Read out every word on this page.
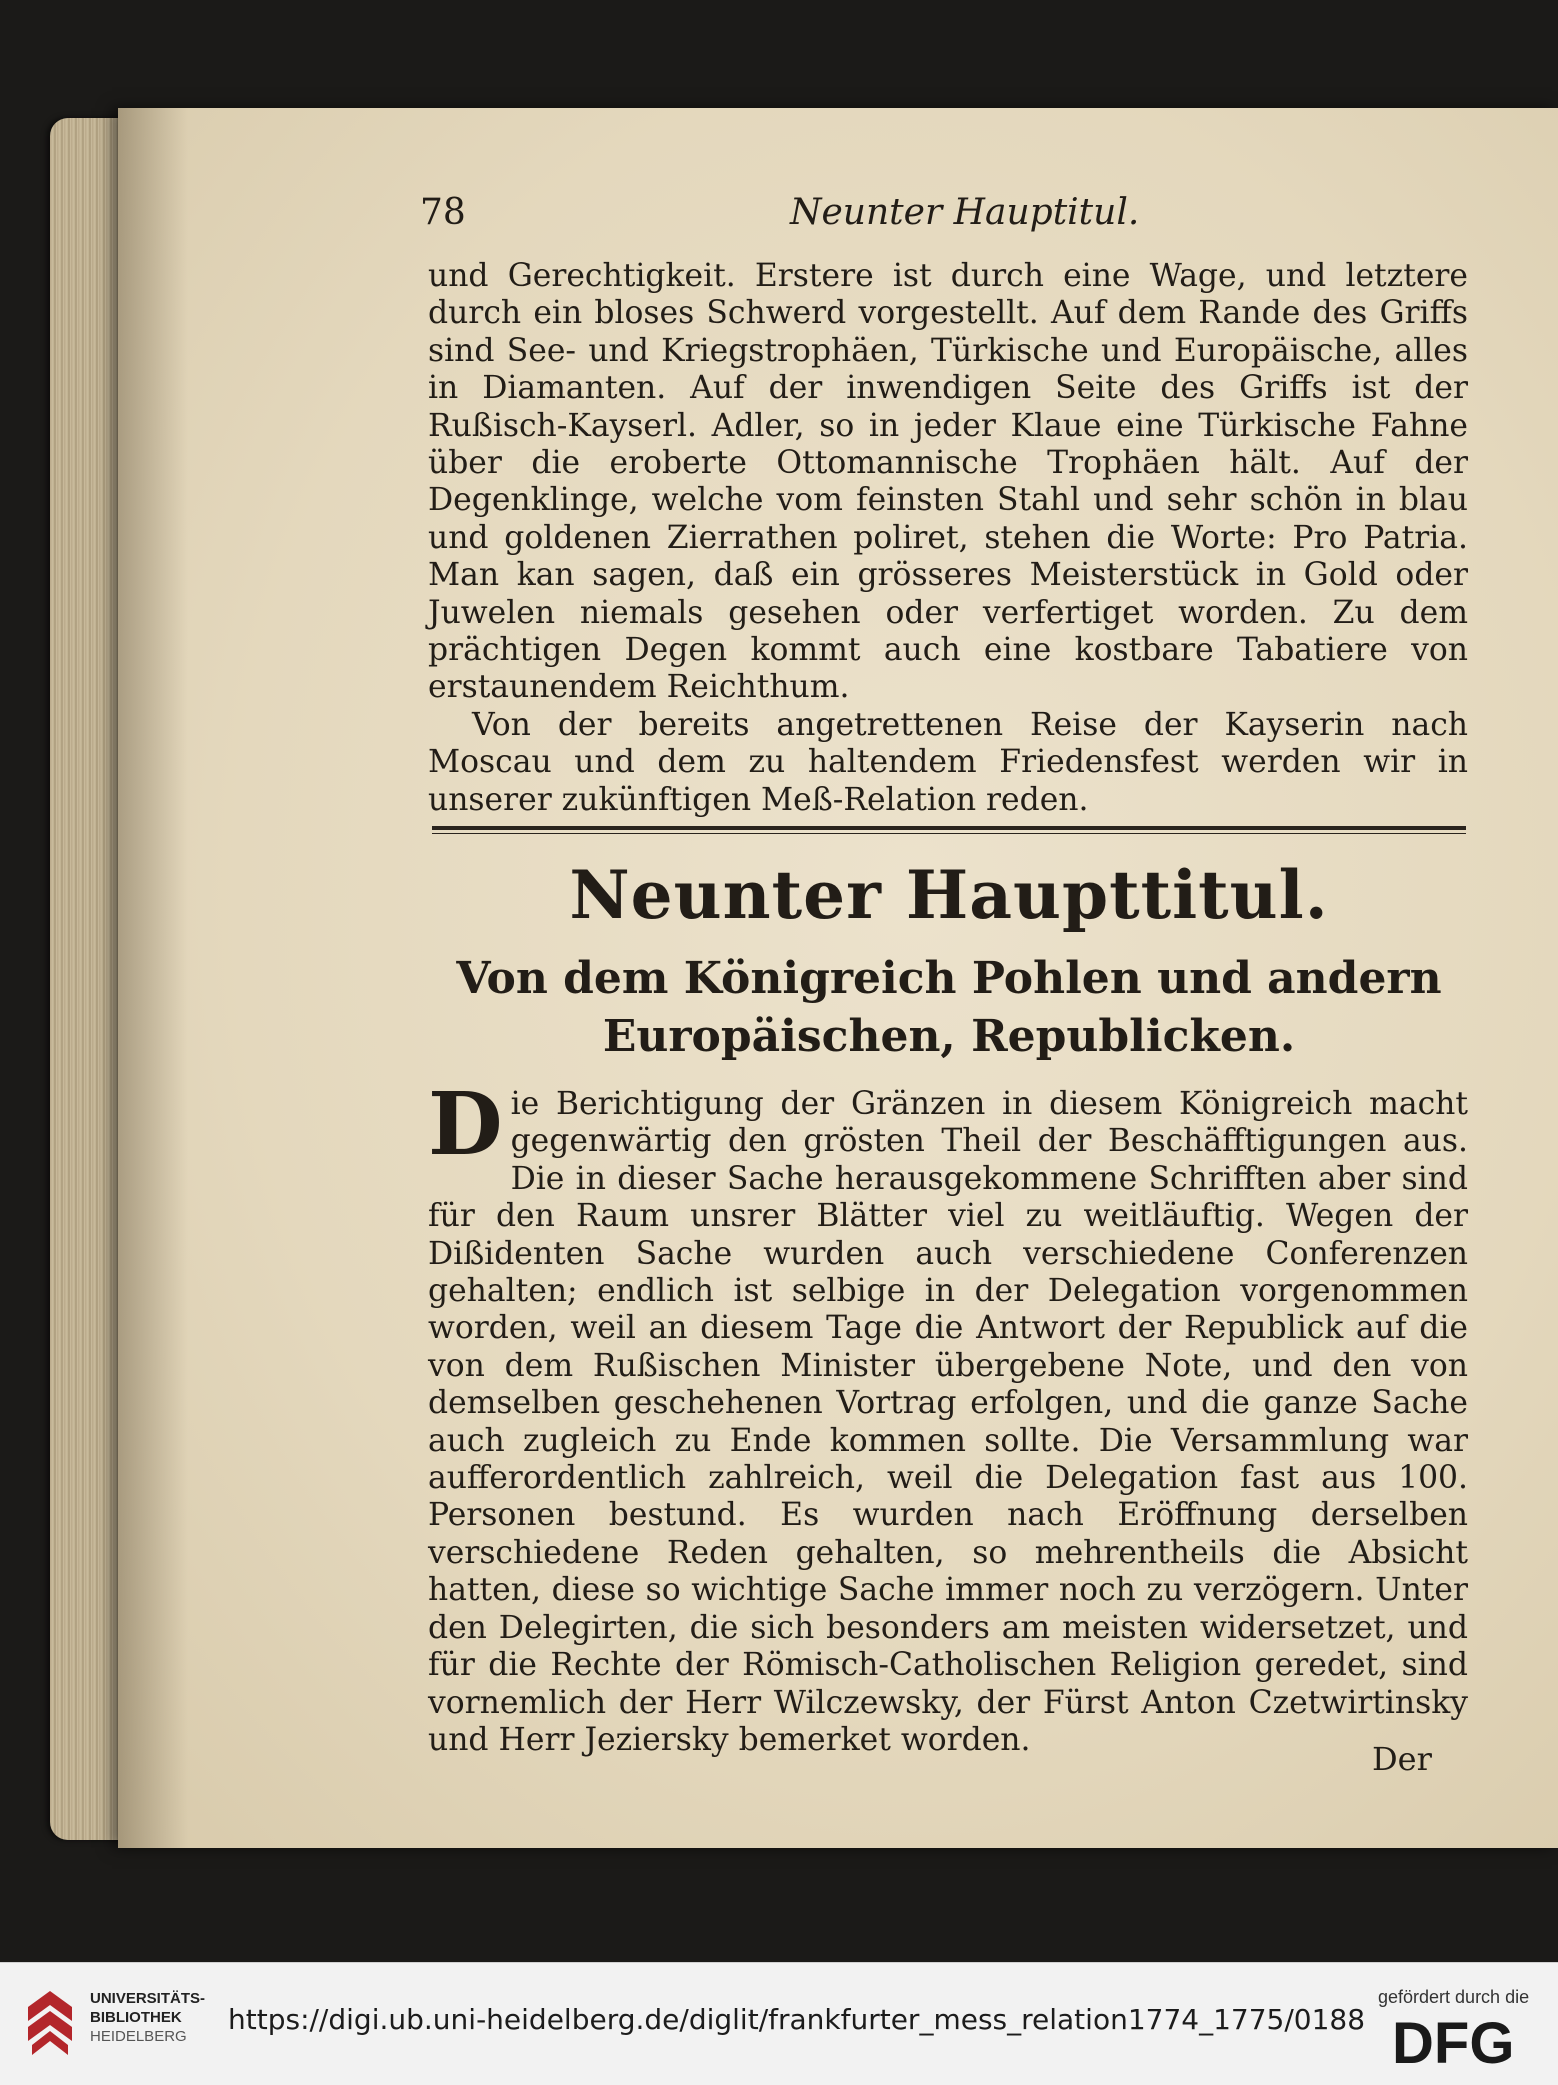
78	Neunter Hauptitul.

und Gerechtigkeit. Erstere ist durch eine Wage, und letztere durch ein bloses Schwerd vorgestellt. Auf dem Rande des Griffs sind See- und Kriegstrophäen, Türkische und Europäische, alles in Diamanten. Auf der inwendigen Seite des Griffs ist der Rußisch-Kayserl. Adler, so in jeder Klaue eine Türkische Fahne über die eroberte Ottomannische Trophäen hält. Auf der Degenklinge, welche vom feinsten Stahl und sehr schön in blau und goldenen Zierrathen poliret, stehen die Worte: Pro Patria. Man kan sagen, daß ein grösseres Meisterstück in Gold oder Juwelen niemals gesehen oder verfertiget worden. Zu dem prächtigen Degen kommt auch eine kostbare Tabatiere von erstaunendem Reichthum.

Von der bereits angetrettenen Reise der Kayserin nach Moscau und dem zu haltendem Friedensfest werden wir in unserer zukünftigen Meß-Relation reden.

Neunter Haupttitul.
Von dem Königreich Pohlen und andern Europäischen, Republicken.
Die Berichtigung der Gränzen in diesem Königreich macht gegenwärtig den grösten Theil der Beschäfftigungen aus. Die in dieser Sache herausgekommene Schrifften aber sind für den Raum unsrer Blätter viel zu weitläuftig. Wegen der Dißidenten Sache wurden auch verschiedene Conferenzen gehalten; endlich ist selbige in der Delegation vorgenommen worden, weil an diesem Tage die Antwort der Republick auf die von dem Rußischen Minister übergebene Note, und den von demselben geschehenen Vortrag erfolgen, und die ganze Sache auch zugleich zu Ende kommen sollte. Die Versammlung war aufferordentlich zahlreich, weil die Delegation fast aus 100. Personen bestund. Es wurden nach Eröffnung derselben verschiedene Reden gehalten, so mehrentheils die Absicht hatten, diese so wichtige Sache immer noch zu verzögern. Unter den Delegirten, die sich besonders am meisten widersetzet, und für die Rechte der Römisch-Catholischen Religion geredet, sind vornemlich der Herr Wilczewsky, der Fürst Anton Czetwirtinsky und Herr Jeziersky bemerket worden.
Der
UNIVERSITÄTS-
BIBLIOTHEK
HEIDELBERG
https://digi.ub.uni-heidelberg.de/diglit/frankfurter_mess_relation1774_1775/0188
gefördert durch die
DFG
